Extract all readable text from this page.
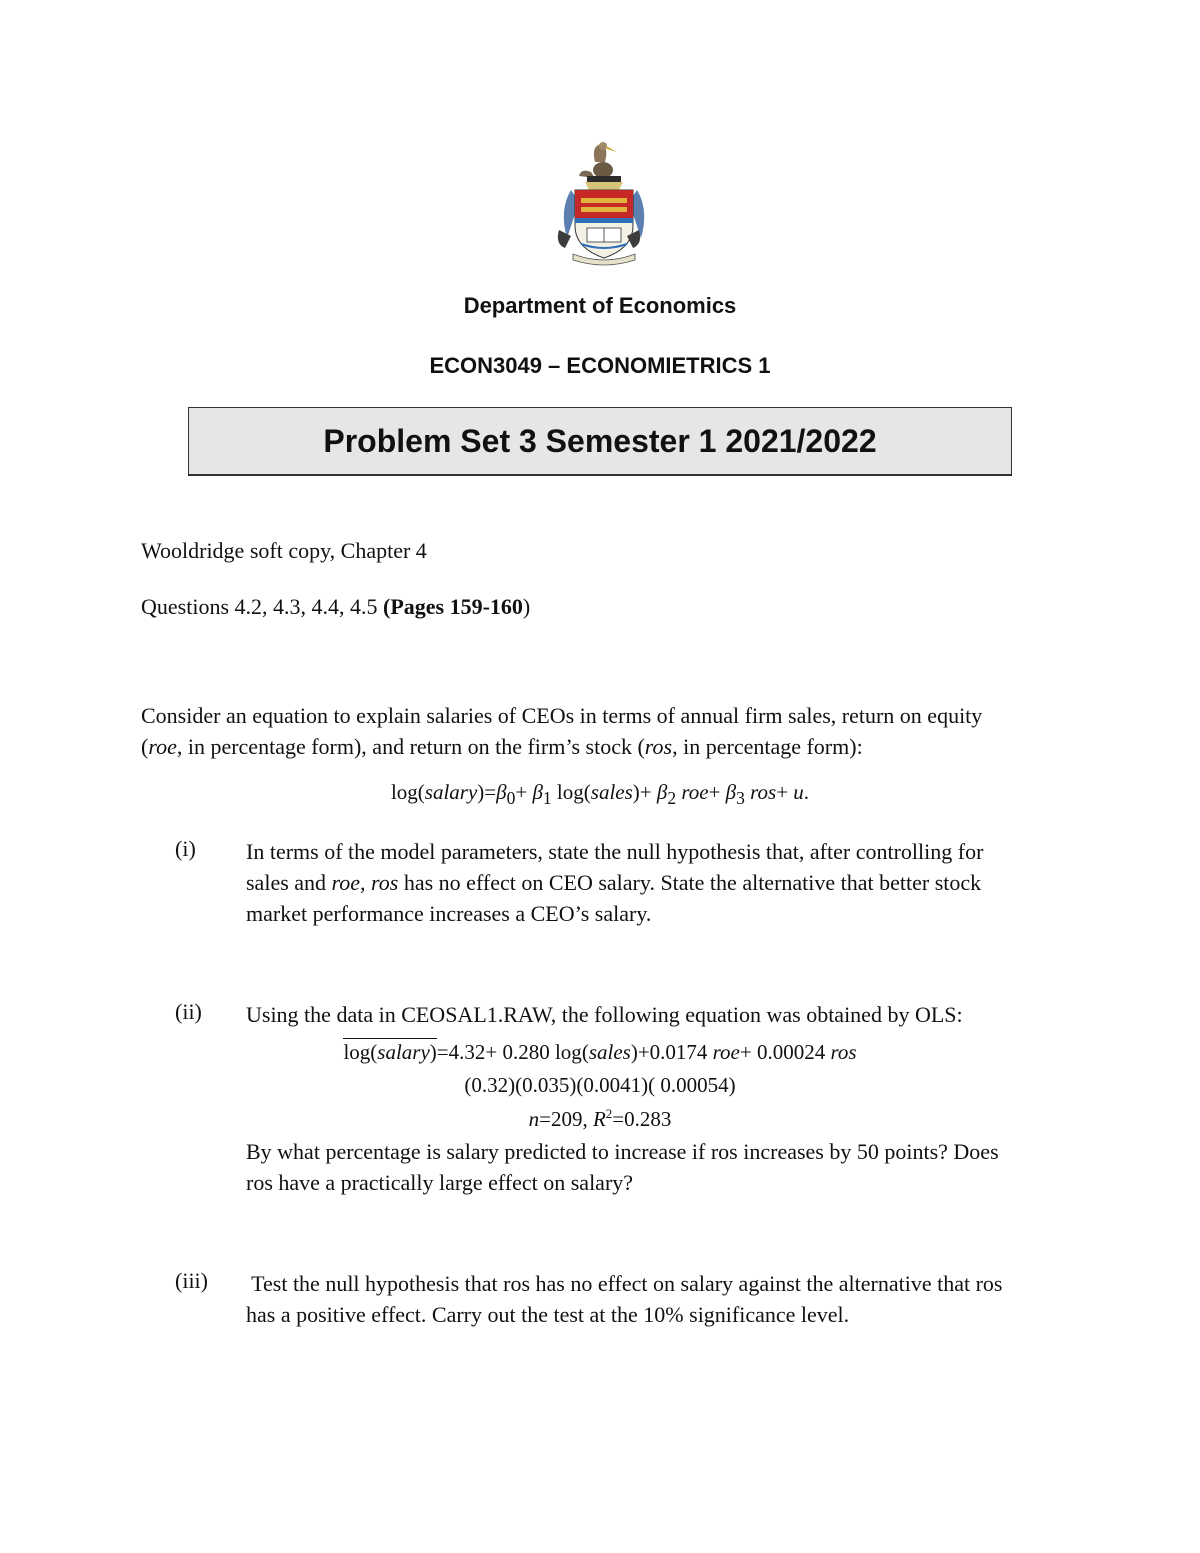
Department of Economics
ECON3049 – ECONOMIETRICS 1
Problem Set 3 Semester 1 2021/2022
Wooldridge soft copy, Chapter 4
Questions 4.2, 4.3, 4.4, 4.5 (Pages 159-160)
Consider an equation to explain salaries of CEOs in terms of annual firm sales, return on equity
(roe, in percentage form), and return on the firm’s stock (ros, in percentage form):
$\log(salary)=\beta_0+ \beta_1$ log(sales)+ $\beta_2$ $roe+ \beta_3$ ros+ u.
(i) In terms of the model parameters, state the null hypothesis that, after controlling for
sales and roe, ros has no effect on CEO salary. State the alternative that better stock
market performance increases a CEO’s salary.
(ii) Using the data in CEOSAL1.RAW, the following equation was obtained by OLS:
log(salary)=4.32+ 0.280 log(sales)+0.0174 roe+ 0.00024 ros
(0.32)(0.035)(0.0041)( 0.00054)
n=209, $R^2=0.283$
By what percentage is salary predicted to increase if ros increases by 50 points? Does
ros have a practically large effect on salary?
(iii) Test the null hypothesis that ros has no effect on salary against the alternative that ros
has a positive effect. Carry out the test at the 10% significance level.
